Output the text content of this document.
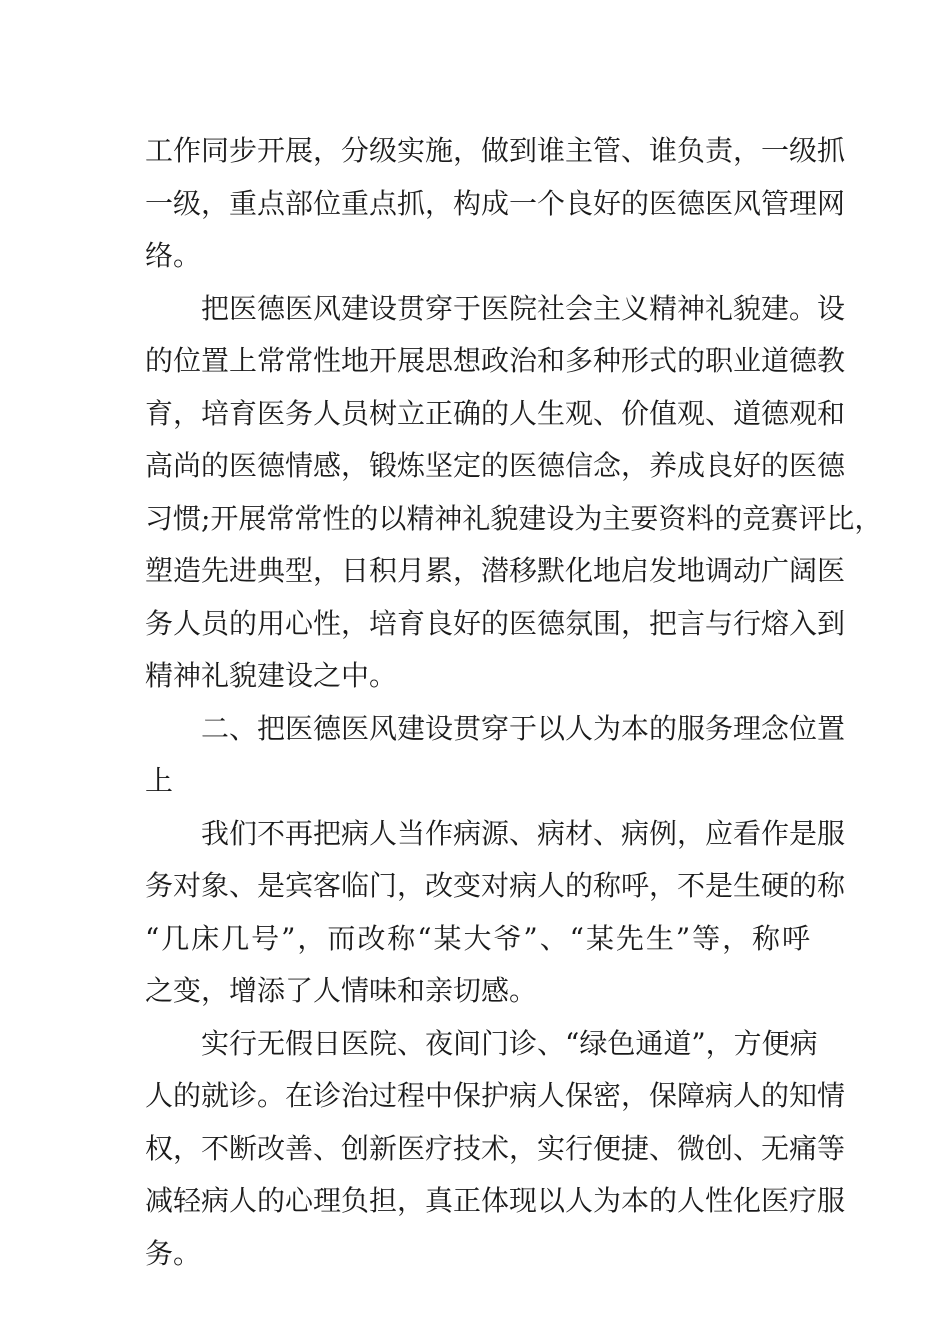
工作同步开展，分级实施，做到谁主管、谁负责，一级抓
一级，重点部位重点抓，构成一个良好的医德医风管理网
络。
把医德医风建设贯穿于医院社会主义精神礼貌建。设
的位置上常常性地开展思想政治和多种形式的职业道德教
育，培育医务人员树立正确的人生观、价值观、道德观和
高尚的医德情感，锻炼坚定的医德信念，养成良好的医德
习惯;开展常常性的以精神礼貌建设为主要资料的竞赛评比，
塑造先进典型，日积月累，潜移默化地启发地调动广阔医
务人员的用心性，培育良好的医德氛围，把言与行熔入到
精神礼貌建设之中。
二、把医德医风建设贯穿于以人为本的服务理念位置
上
我们不再把病人当作病源、病材、病例，应看作是服
务对象、是宾客临门，改变对病人的称呼，不是生硬的称
“几床几号”，而改称“某大爷”、“某先生”等，称呼
之变，增添了人情味和亲切感。
实行无假日医院、夜间门诊、“绿色通道”，方便病
人的就诊。在诊治过程中保护病人保密，保障病人的知情
权，不断改善、创新医疗技术，实行便捷、微创、无痛等
减轻病人的心理负担，真正体现以人为本的人性化医疗服
务。
